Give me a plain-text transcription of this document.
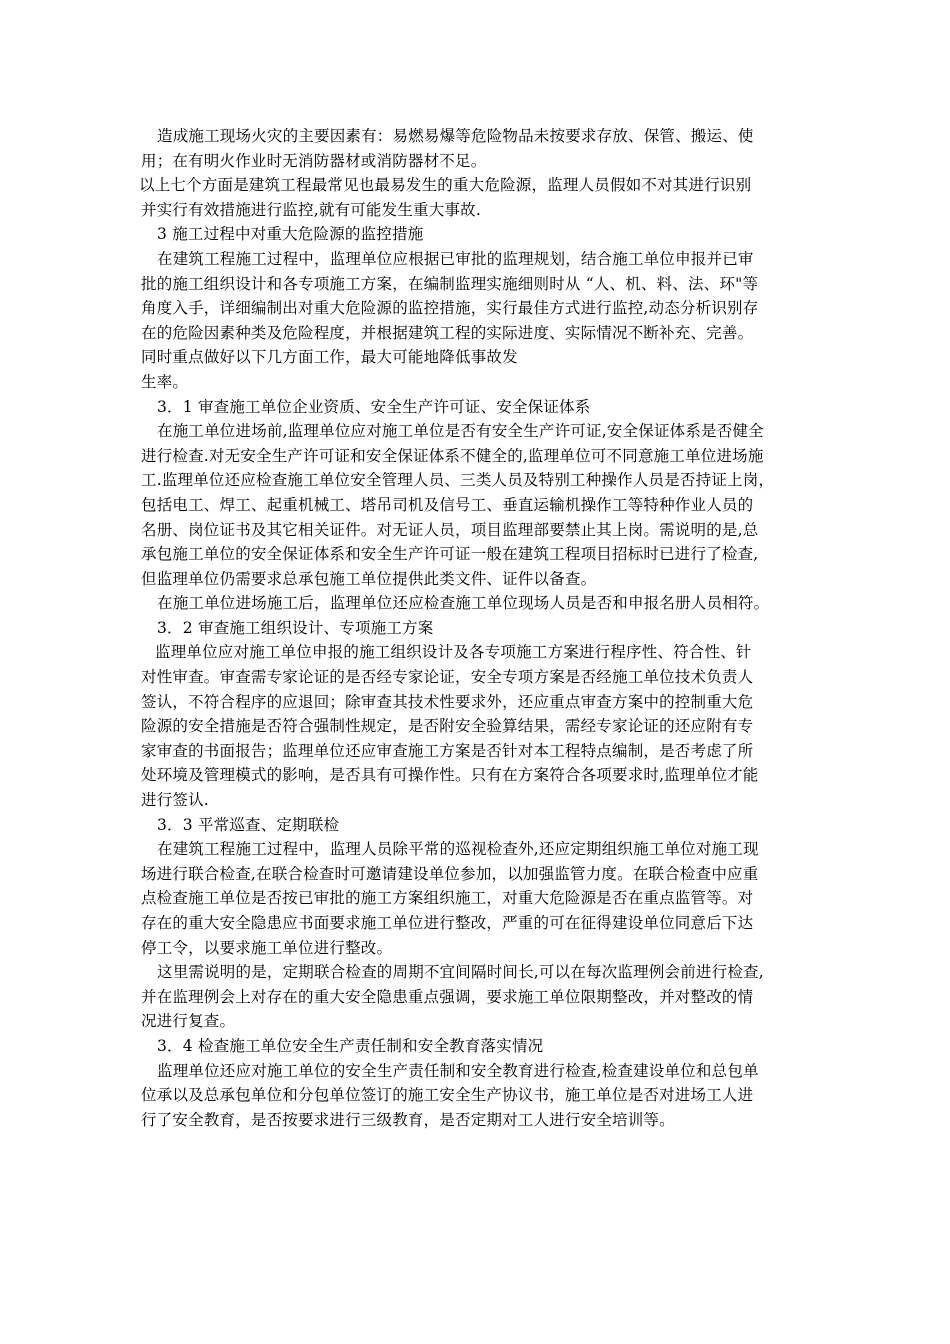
造成施工现场火灾的主要因素有：易燃易爆等危险物品未按要求存放、保管、搬运、使

用；在有明火作业时无消防器材或消防器材不足。

以上七个方面是建筑工程最常见也最易发生的重大危险源，监理人员假如不对其进行识别

并实行有效措施进行监控,就有可能发生重大事故.

3 施工过程中对重大危险源的监控措施

在建筑工程施工过程中，监理单位应根据已审批的监理规划，结合施工单位申报并已审

批的施工组织设计和各专项施工方案，在编制监理实施细则时从 “人、机、料、法、环"等

角度入手，详细编制出对重大危险源的监控措施，实行最佳方式进行监控,动态分析识别存

在的危险因素种类及危险程度，并根据建筑工程的实际进度、实际情况不断补充、完善。

同时重点做好以下几方面工作，最大可能地降低事故发

生率。

3．1 审查施工单位企业资质、安全生产许可证、安全保证体系

在施工单位进场前,监理单位应对施工单位是否有安全生产许可证,安全保证体系是否健全

进行检查.对无安全生产许可证和安全保证体系不健全的,监理单位可不同意施工单位进场施

工.监理单位还应检查施工单位安全管理人员、三类人员及特别工种操作人员是否持证上岗，

包括电工、焊工、起重机械工、塔吊司机及信号工、垂直运输机操作工等特种作业人员的

名册、岗位证书及其它相关证件。对无证人员，项目监理部要禁止其上岗。需说明的是,总

承包施工单位的安全保证体系和安全生产许可证一般在建筑工程项目招标时已进行了检查,

但监理单位仍需要求总承包施工单位提供此类文件、证件以备查。

在施工单位进场施工后，监理单位还应检查施工单位现场人员是否和申报名册人员相符。

3．2 审查施工组织设计、专项施工方案

监理单位应对施工单位申报的施工组织设计及各专项施工方案进行程序性、符合性、针

对性审查。审查需专家论证的是否经专家论证，安全专项方案是否经施工单位技术负责人

签认，不符合程序的应退回；除审查其技术性要求外，还应重点审查方案中的控制重大危

险源的安全措施是否符合强制性规定，是否附安全验算结果，需经专家论证的还应附有专

家审查的书面报告；监理单位还应审查施工方案是否针对本工程特点编制，是否考虑了所

处环境及管理模式的影响，是否具有可操作性。只有在方案符合各项要求时,监理单位才能

进行签认.

3．3 平常巡查、定期联检

在建筑工程施工过程中，监理人员除平常的巡视检查外,还应定期组织施工单位对施工现

场进行联合检查,在联合检查时可邀请建设单位参加，以加强监管力度。在联合检查中应重

点检查施工单位是否按已审批的施工方案组织施工，对重大危险源是否在重点监管等。对

存在的重大安全隐患应书面要求施工单位进行整改，严重的可在征得建设单位同意后下达

停工令，以要求施工单位进行整改。

这里需说明的是，定期联合检查的周期不宜间隔时间长,可以在每次监理例会前进行检查,

并在监理例会上对存在的重大安全隐患重点强调，要求施工单位限期整改，并对整改的情

况进行复查。

3．4 检查施工单位安全生产责任制和安全教育落实情况

监理单位还应对施工单位的安全生产责任制和安全教育进行检查,检查建设单位和总包单

位承以及总承包单位和分包单位签订的施工安全生产协议书，施工单位是否对进场工人进

行了安全教育，是否按要求进行三级教育，是否定期对工人进行安全培训等。
